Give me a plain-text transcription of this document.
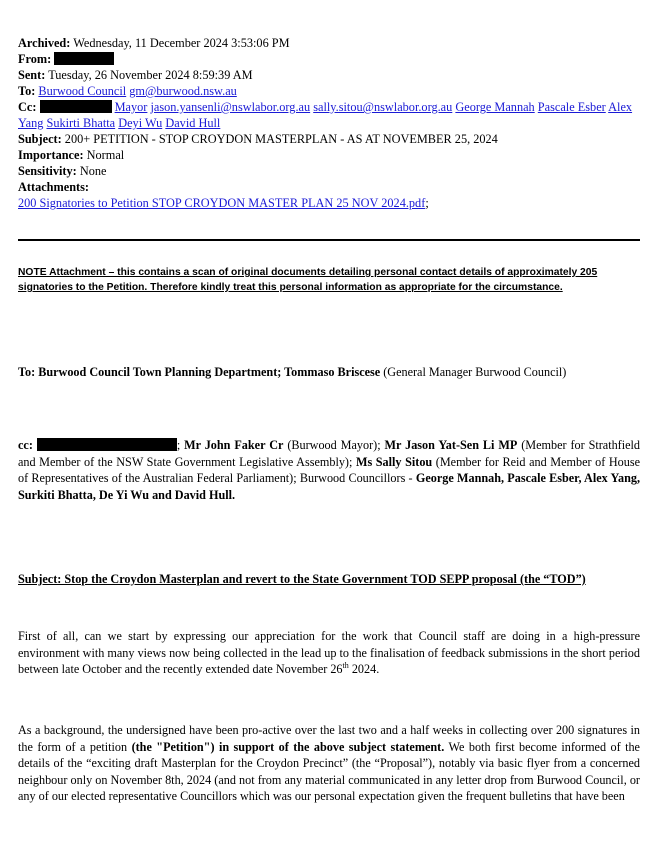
Archived: Wednesday, 11 December 2024 3:53:06 PM
From:
Sent: Tuesday, 26 November 2024 8:59:39 AM
To: Burwood Council gm@burwood.nsw.au
Cc:	Mayor jason.yansenli@nswlabor.org.au sally.sitou@nswlabor.org.au George Mannah Pascale Esber Alex
Yang Sukirti Bhatta Deyi Wu David Hull
Subject: 200+ PETITION - STOP CROYDON MASTERPLAN - AS AT NOVEMBER 25, 2024
Importance: Normal
Sensitivity: None
Attachments:
200 Signatories to Petition STOP CROYDON MASTER PLAN 25 NOV 2024.pdf;
NOTE Attachment – this contains a scan of original documents detailing personal contact details of approximately 205 signatories to the Petition. Therefore kindly treat this personal information as appropriate for the circumstance.
To: Burwood Council Town Planning Department; Tommaso Briscese (General Manager Burwood Council)
cc:	; Mr John Faker Cr (Burwood Mayor); Mr Jason Yat-Sen Li MP (Member for Strathfield and Member of the NSW State Government Legislative Assembly); Ms Sally Sitou (Member for Reid and Member of House of Representatives of the Australian Federal Parliament); Burwood Councillors - George Mannah, Pascale Esber, Alex Yang, Surkiti Bhatta, De Yi Wu and David Hull.
Subject: Stop the Croydon Masterplan and revert to the State Government TOD SEPP proposal (the “TOD”)
First of all, can we start by expressing our appreciation for the work that Council staff are doing in a high-pressure environment with many views now being collected in the lead up to the finalisation of feedback submissions in the short period between late October and the recently extended date November 26th 2024.
As a background, the undersigned have been pro-active over the last two and a half weeks in collecting over 200 signatures in the form of a petition (the "Petition") in support of the above subject statement. We both first become informed of the details of the “exciting draft Masterplan for the Croydon Precinct” (the “Proposal”), notably via basic flyer from a concerned neighbour only on November 8th, 2024 (and not from any material communicated in any letter drop from Burwood Council, or any of our elected representative Councillors which was our personal expectation given the frequent bulletins that have been
